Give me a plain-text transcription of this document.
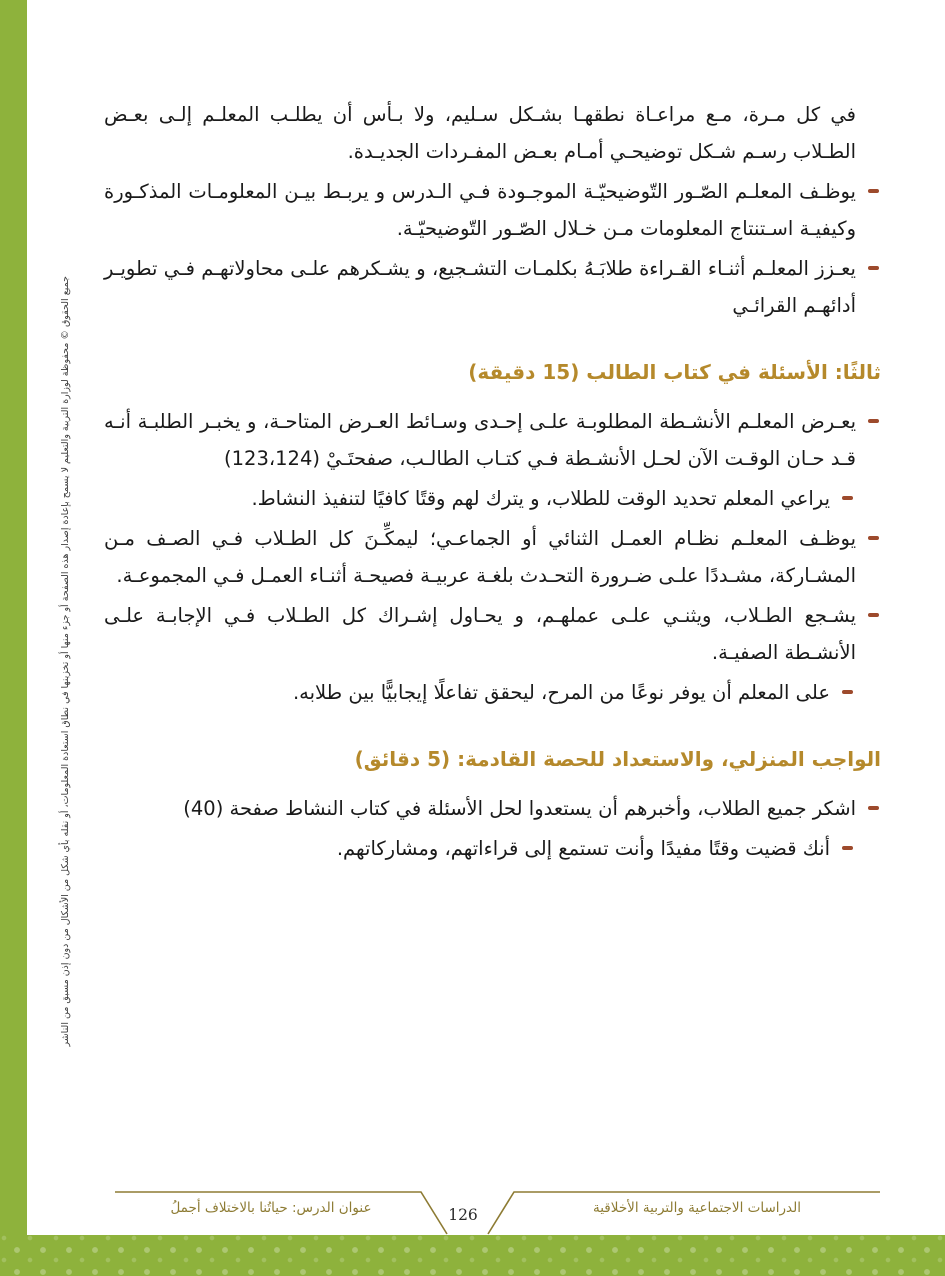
جميع الحقوق © محفوظة لوزارة التربية والتعليم لا يسمح بإعادة إصدار هذه الصفحة أو جزء منها أو تخزينها في نطاق استعادة المعلومات، أو نقله بأي شكل من الأشكال من دون إذن مسبق من الناشر
في كل مـرة، مـع مراعـاة نطقهـا بشـكل سـليم، ولا بـأس أن يطلـب المعلـم إلـى بعـض الطـلاب رسـم شـكل توضيحـي أمـام بعـض المفـردات الجديـدة.
يوظـف المعلـم الصّـور التّوضيحيّـة الموجـودة فـي الـدرس و يربـط بيـن المعلومـات المذكـورة وكيفيـة اسـتنتاج المعلومات مـن خـلال الصّـور التّوضيحيّـة.
يعـزز المعلـم أثنـاء القـراءة طلابَـهُ بكلمـات التشـجيع، و يشـكرهم علـى محاولاتهـم فـي تطويـر أدائهـم القرائـي
ثالثًا: الأسئلة في كتاب الطالب (15 دقيقة)
يعـرض المعلـم الأنشـطة المطلوبـة علـى إحـدى وسـائط العـرض المتاحـة، و يخبـر الطلبـة أنـه قـد حـان الوقـت الآن لحـل الأنشـطة فـي كتـاب الطالـب، صفحتَـيْ (123،124)
يراعي المعلم تحديد الوقت للطلاب، و يترك لهم وقتًا كافيًا لتنفيذ النشاط.
يوظـف المعلـم نظـام العمـل الثنائي أو الجماعـي؛ ليمكِّـنَ كل الطـلاب فـي الصـف مـن المشـاركة، مشـددًا علـى ضـرورة التحـدث بلغـة عربيـة فصيحـة أثنـاء العمـل فـي المجموعـة.
يشـجع الطـلاب، ويثنـي علـى عملهـم، و يحـاول إشـراك كل الطـلاب فـي الإجابـة علـى الأنشـطة الصفيـة.
على المعلم أن يوفر نوعًا من المرح، ليحقق تفاعلًا إيجابيًّا بين طلابه.
الواجب المنزلي، والاستعداد للحصة القادمة: (5 دقائق)
اشكر جميع الطلاب، وأخبرهم أن يستعدوا لحل الأسئلة في كتاب النشاط صفحة (40)
أنك قضيت وقتًا مفيدًا وأنت تستمع إلى قراءاتهم، ومشاركاتهم.
عنوان الدرس: حياتُنا بالاختلاف أجملُ	126	الدراسات الاجتماعية والتربية الأخلاقية
